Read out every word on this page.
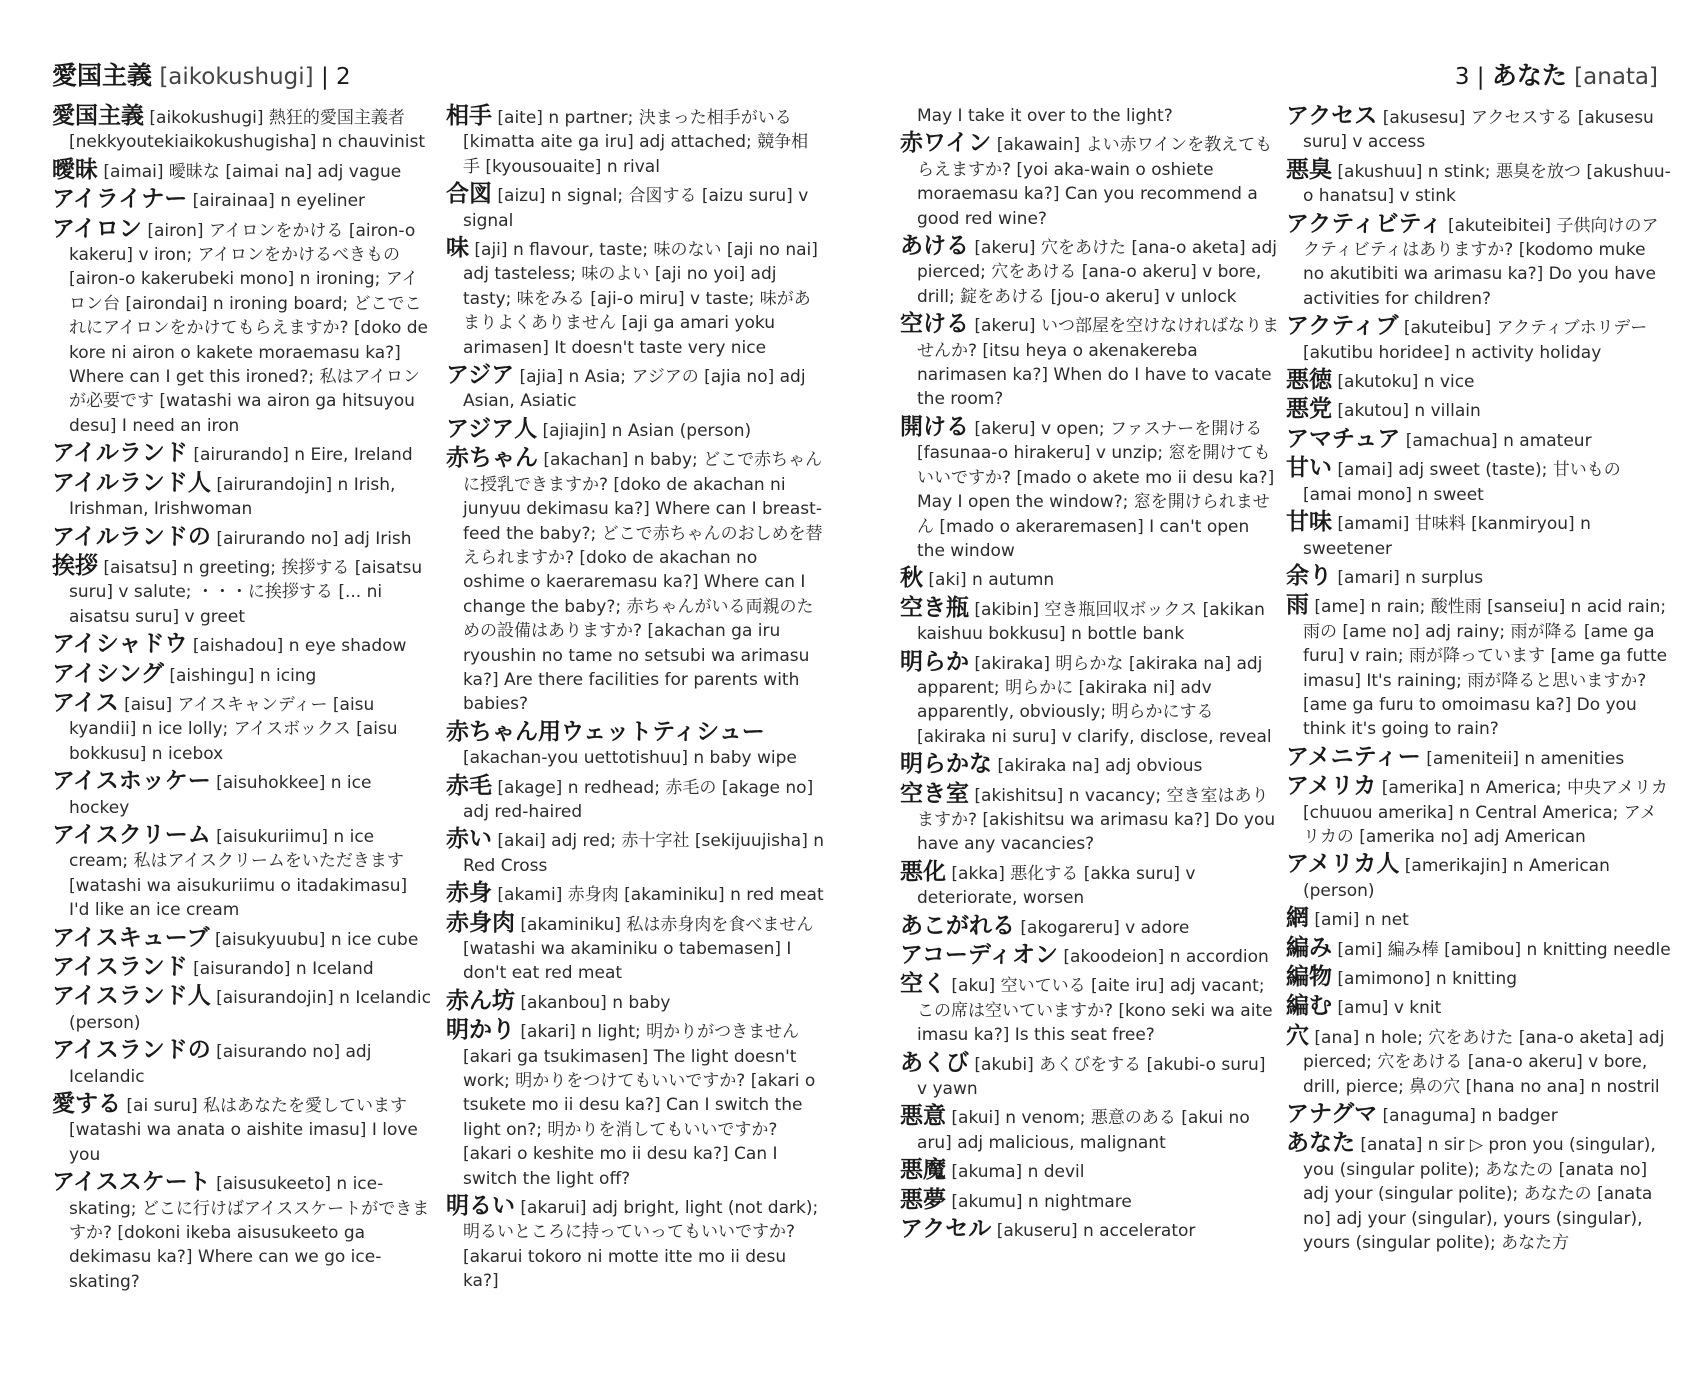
愛国主義 [aikokushugi] | 2	3 | あなた [anata]
愛国主義 [aikokushugi] 熱狂的愛国主義者 [nekkyoutekiaikokushugisha] n chauvinist
曖昧 [aimai] 曖昧な [aimai na] adj vague
アイライナー [airainaa] n eyeliner
アイロン [airon] アイロンをかける [airon-o kakeru] v iron; アイロンをかけるべきもの [airon-o kakerubeki mono] n ironing; アイロン台 [airondai] n ironing board; どこでこれにアイロンをかけてもらえますか? [doko de kore ni airon o kakete moraemasu ka?] Where can I get this ironed?; 私はアイロンが必要です [watashi wa airon ga hitsuyou desu] I need an iron
アイルランド [airurando] n Eire, Ireland
アイルランド人 [airurandojin] n Irish, Irishman, Irishwoman
アイルランドの [airurando no] adj Irish
挨拶 [aisatsu] n greeting; 挨拶する [aisatsu suru] v salute; ・・・に挨拶する [... ni aisatsu suru] v greet
アイシャドウ [aishadou] n eye shadow
アイシング [aishingu] n icing
アイス [aisu] アイスキャンディー [aisu kyandii] n ice lolly; アイスボックス [aisu bokkusu] n icebox
アイスホッケー [aisuhokkee] n ice hockey
アイスクリーム [aisukuriimu] n ice cream; 私はアイスクリームをいただきます [watashi wa aisukuriimu o itadakimasu] I'd like an ice cream
アイスキューブ [aisukyuubu] n ice cube
アイスランド [aisurando] n Iceland
アイスランド人 [aisurandojin] n Icelandic (person)
アイスランドの [aisurando no] adj Icelandic
愛する [ai suru] 私はあなたを愛しています [watashi wa anata o aishite imasu] I love you
アイススケート [aisusukeeto] n ice-skating; どこに行けばアイススケートができますか? [dokoni ikeba aisusukeeto ga dekimasu ka?] Where can we go ice-skating?
相手 [aite] n partner; 決まった相手がいる [kimatta aite ga iru] adj attached; 競争相手 [kyousouaite] n rival
合図 [aizu] n signal; 合図する [aizu suru] v signal
味 [aji] n flavour, taste; 味のない [aji no nai] adj tasteless; 味のよい [aji no yoi] adj tasty; 味をみる [aji-o miru] v taste; 味があまりよくありません [aji ga amari yoku arimasen] It doesn't taste very nice
アジア [ajia] n Asia; アジアの [ajia no] adj Asian, Asiatic
アジア人 [ajiajin] n Asian (person)
赤ちゃん [akachan] n baby; どこで赤ちゃんに授乳できますか? [doko de akachan ni junyuu dekimasu ka?] Where can I breast-feed the baby?; どこで赤ちゃんのおしめを替えられますか? [doko de akachan no oshime o kaeraremasu ka?] Where can I change the baby?; 赤ちゃんがいる両親のための設備はありますか? [akachan ga iru ryoushin no tame no setsubi wa arimasu ka?] Are there facilities for parents with babies?
赤ちゃん用ウェットティシュー [akachan-you uettotishuu] n baby wipe
赤毛 [akage] n redhead; 赤毛の [akage no] adj red-haired
赤い [akai] adj red; 赤十字社 [sekijuujisha] n Red Cross
赤身 [akami] 赤身肉 [akaminiku] n red meat
赤身肉 [akaminiku] 私は赤身肉を食べません [watashi wa akaminiku o tabemasen] I don't eat red meat
赤ん坊 [akanbou] n baby
明かり [akari] n light; 明かりがつきません [akari ga tsukimasen] The light doesn't work; 明かりをつけてもいいですか? [akari o tsukete mo ii desu ka?] Can I switch the light on?; 明かりを消してもいいですか? [akari o keshite mo ii desu ka?] Can I switch the light off?
明るい [akarui] adj bright, light (not dark); 明るいところに持っていってもいいですか? [akarui tokoro ni motte itte mo ii desu ka?]
May I take it over to the light?
赤ワイン [akawain] よい赤ワインを教えてもらえますか? [yoi aka-wain o oshiete moraemasu ka?] Can you recommend a good red wine?
あける [akeru] 穴をあけた [ana-o aketa] adj pierced; 穴をあける [ana-o akeru] v bore, drill; 錠をあける [jou-o akeru] v unlock
空ける [akeru] いつ部屋を空けなければなりませんか? [itsu heya o akenakereba narimasen ka?] When do I have to vacate the room?
開ける [akeru] v open; ファスナーを開ける [fasunaa-o hirakeru] v unzip; 窓を開けてもいいですか? [mado o akete mo ii desu ka?] May I open the window?; 窓を開けられません [mado o akeraremasen] I can't open the window
秋 [aki] n autumn
空き瓶 [akibin] 空き瓶回収ボックス [akikan kaishuu bokkusu] n bottle bank
明らか [akiraka] 明らかな [akiraka na] adj apparent; 明らかに [akiraka ni] adv apparently, obviously; 明らかにする [akiraka ni suru] v clarify, disclose, reveal
明らかな [akiraka na] adj obvious
空き室 [akishitsu] n vacancy; 空き室はありますか? [akishitsu wa arimasu ka?] Do you have any vacancies?
悪化 [akka] 悪化する [akka suru] v deteriorate, worsen
あこがれる [akogareru] v adore
アコーディオン [akoodeion] n accordion
空く [aku] 空いている [aite iru] adj vacant; この席は空いていますか? [kono seki wa aite imasu ka?] Is this seat free?
あくび [akubi] あくびをする [akubi-o suru] v yawn
悪意 [akui] n venom; 悪意のある [akui no aru] adj malicious, malignant
悪魔 [akuma] n devil
悪夢 [akumu] n nightmare
アクセル [akuseru] n accelerator
アクセス [akusesu] アクセスする [akusesu suru] v access
悪臭 [akushuu] n stink; 悪臭を放つ [akushuu-o hanatsu] v stink
アクティビティ [akuteibitei] 子供向けのアクティビティはありますか? [kodomo muke no akutibiti wa arimasu ka?] Do you have activities for children?
アクティブ [akuteibu] アクティブホリデー [akutibu horidee] n activity holiday
悪徳 [akutoku] n vice
悪党 [akutou] n villain
アマチュア [amachua] n amateur
甘い [amai] adj sweet (taste); 甘いもの [amai mono] n sweet
甘味 [amami] 甘味料 [kanmiryou] n sweetener
余り [amari] n surplus
雨 [ame] n rain; 酸性雨 [sanseiu] n acid rain; 雨の [ame no] adj rainy; 雨が降る [ame ga furu] v rain; 雨が降っています [ame ga futte imasu] It's raining; 雨が降ると思いますか? [ame ga furu to omoimasu ka?] Do you think it's going to rain?
アメニティー [ameniteii] n amenities
アメリカ [amerika] n America; 中央アメリカ [chuuou amerika] n Central America; アメリカの [amerika no] adj American
アメリカ人 [amerikajin] n American (person)
網 [ami] n net
編み [ami] 編み棒 [amibou] n knitting needle
編物 [amimono] n knitting
編む [amu] v knit
穴 [ana] n hole; 穴をあけた [ana-o aketa] adj pierced; 穴をあける [ana-o akeru] v bore, drill, pierce; 鼻の穴 [hana no ana] n nostril
アナグマ [anaguma] n badger
あなた [anata] n sir ▷ pron you (singular), you (singular polite); あなたの [anata no] adj your (singular polite); あなたの [anata no] adj your (singular), yours (singular), yours (singular polite); あなた方
